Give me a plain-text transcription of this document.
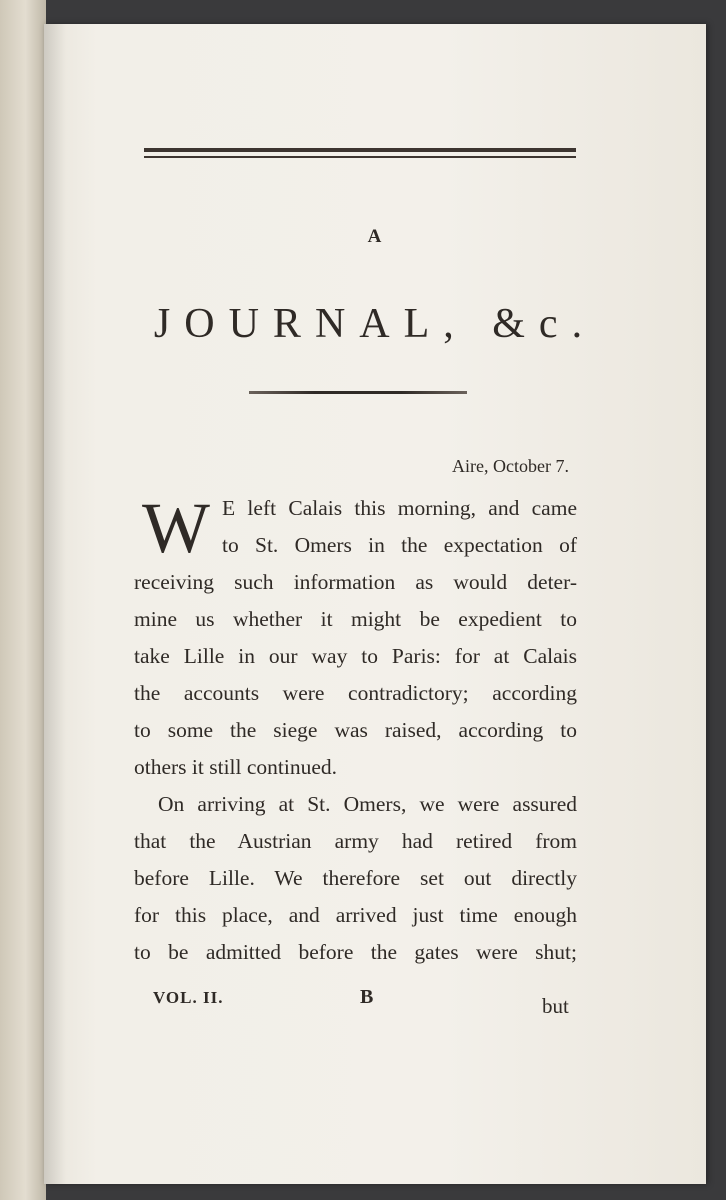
A
JOURNAL, &c.
Aire, October 7.
W E left Calais this morning, and came
to St. Omers in the expectation of
receiving such information as would deter-
mine us whether it might be expedient to
take Lille in our way to Paris: for at Calais
the accounts were contradictory; according
to some the siege was raised, according to
others it still continued.
On arriving at St. Omers, we were assured
that the Austrian army had retired from
before Lille. We therefore set out directly
for this place, and arrived just time enough
to be admitted before the gates were shut;
VOL. II.	B	but
